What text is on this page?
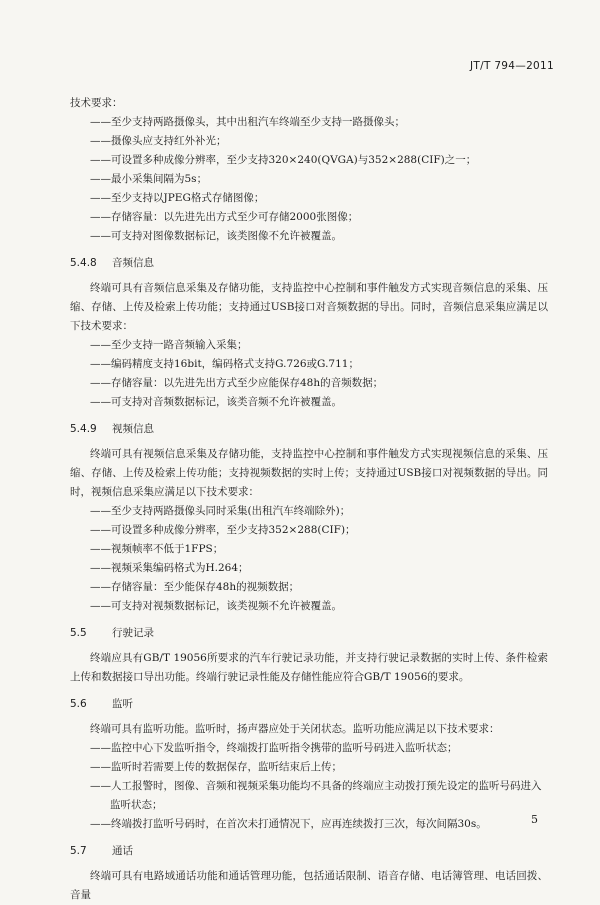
JT/T 794—2011
技术要求：
——至少支持两路摄像头，其中出租汽车终端至少支持一路摄像头；
——摄像头应支持红外补光；
——可设置多种成像分辨率，至少支持320×240(QVGA)与352×288(CIF)之一；
——最小采集间隔为5s；
——至少支持以JPEG格式存储图像；
——存储容量：以先进先出方式至少可存储2000张图像；
——可支持对图像数据标记，该类图像不允许被覆盖。
5.4.8 音频信息
终端可具有音频信息采集及存储功能，支持监控中心控制和事件触发方式实现音频信息的采集、压缩、存储、上传及检索上传功能；支持通过USB接口对音频数据的导出。同时，音频信息采集应满足以下技术要求：
——至少支持一路音频输入采集；
——编码精度支持16bit，编码格式支持G.726或G.711；
——存储容量：以先进先出方式至少应能保存48h的音频数据；
——可支持对音频数据标记，该类音频不允许被覆盖。
5.4.9 视频信息
终端可具有视频信息采集及存储功能，支持监控中心控制和事件触发方式实现视频信息的采集、压缩、存储、上传及检索上传功能；支持视频数据的实时上传；支持通过USB接口对视频数据的导出。同时，视频信息采集应满足以下技术要求：
——至少支持两路摄像头同时采集(出租汽车终端除外)；
——可设置多种成像分辨率，至少支持352×288(CIF)；
——视频帧率不低于1FPS；
——视频采集编码格式为H.264；
——存储容量：至少能保存48h的视频数据；
——可支持对视频数据标记，该类视频不允许被覆盖。
5.5 行驶记录
终端应具有GB/T 19056所要求的汽车行驶记录功能，并支持行驶记录数据的实时上传、条件检索上传和数据接口导出功能。终端行驶记录性能及存储性能应符合GB/T 19056的要求。
5.6 监听
终端可具有监听功能。监听时，扬声器应处于关闭状态。监听功能应满足以下技术要求：
——监控中心下发监听指令，终端拨打监听指令携带的监听号码进入监听状态；
——监听时若需要上传的数据保存，监听结束后上传；
——人工报警时，图像、音频和视频采集功能均不具备的终端应主动拨打预先设定的监听号码进入
监听状态；
——终端拨打监听号码时，在首次未打通情况下，应再连续拨打三次，每次间隔30s。
5.7 通话
终端可具有电路域通话功能和通话管理功能，包括通话限制、语音存储、电话簿管理、电话回拨、音量
5
